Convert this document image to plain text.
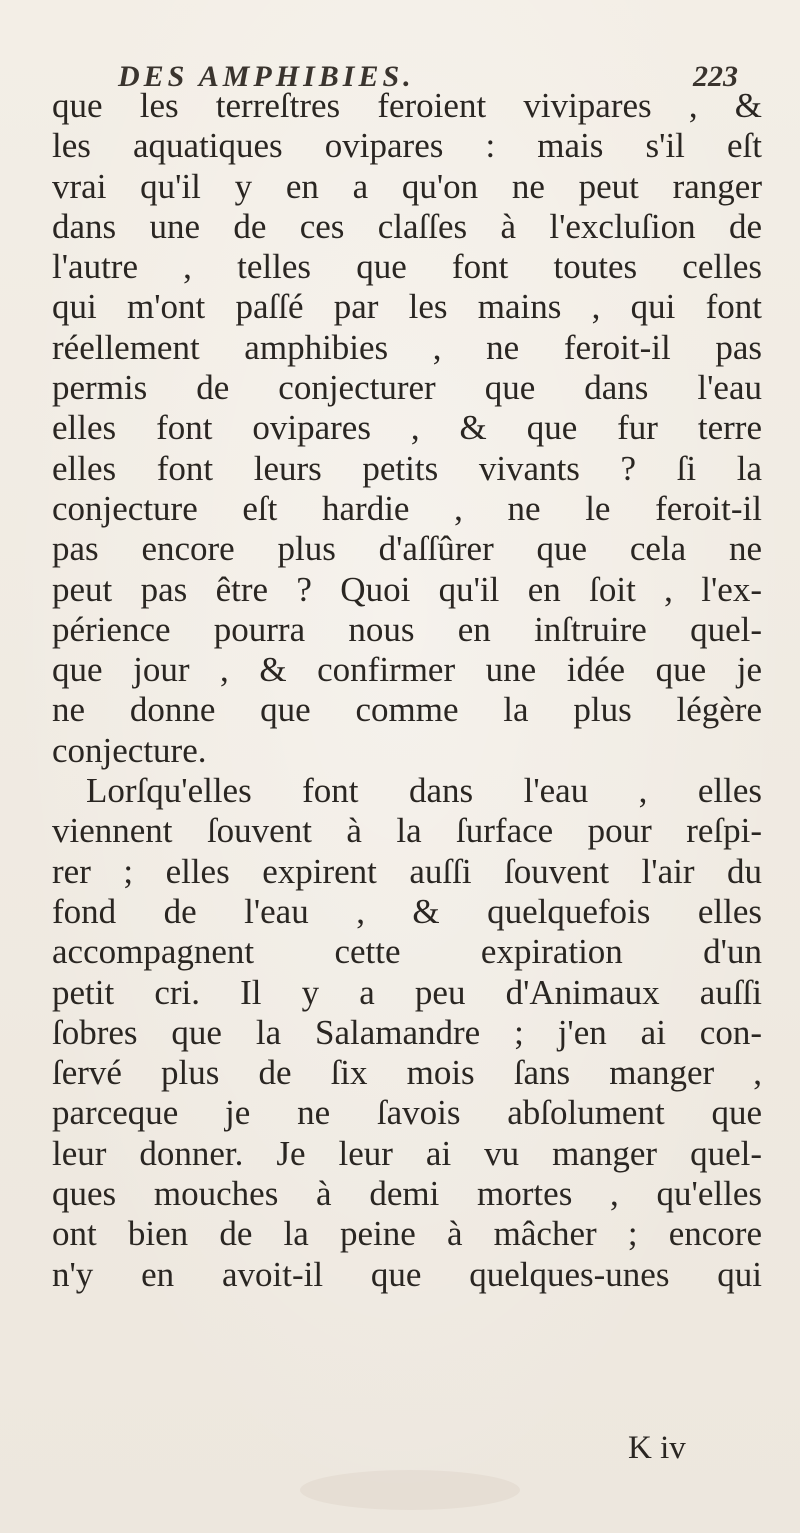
DES AMPHIBIES.	223
que les terreſtres feroient vivipares , &
les aquatiques ovipares : mais s'il eſt
vrai qu'il y en a qu'on ne peut ranger
dans une de ces claſſes à l'excluſion de
l'autre , telles que font toutes celles
qui m'ont paſſé par les mains , qui font
réellement amphibies , ne feroit-il pas
permis de conjecturer que dans l'eau
elles font ovipares , & que fur terre
elles font leurs petits vivants ? ſi la
conjecture eſt hardie , ne le feroit-il
pas encore plus d'aſſûrer que cela ne
peut pas être ? Quoi qu'il en ſoit , l'ex-
périence pourra nous en inſtruire quel-
que jour , & confirmer une idée que je
ne donne que comme la plus légère
conjecture.
Lorſqu'elles font dans l'eau , elles
viennent ſouvent à la ſurface pour reſpi-
rer ; elles expirent auſſi ſouvent l'air du
fond de l'eau , & quelquefois elles
accompagnent cette expiration d'un
petit cri. Il y a peu d'Animaux auſſi
ſobres que la Salamandre ; j'en ai con-
ſervé plus de ſix mois ſans manger ,
parceque je ne ſavois abſolument que
leur donner. Je leur ai vu manger quel-
ques mouches à demi mortes , qu'elles
ont bien de la peine à mâcher ; encore
n'y en avoit-il que quelques-unes qui
K iv
